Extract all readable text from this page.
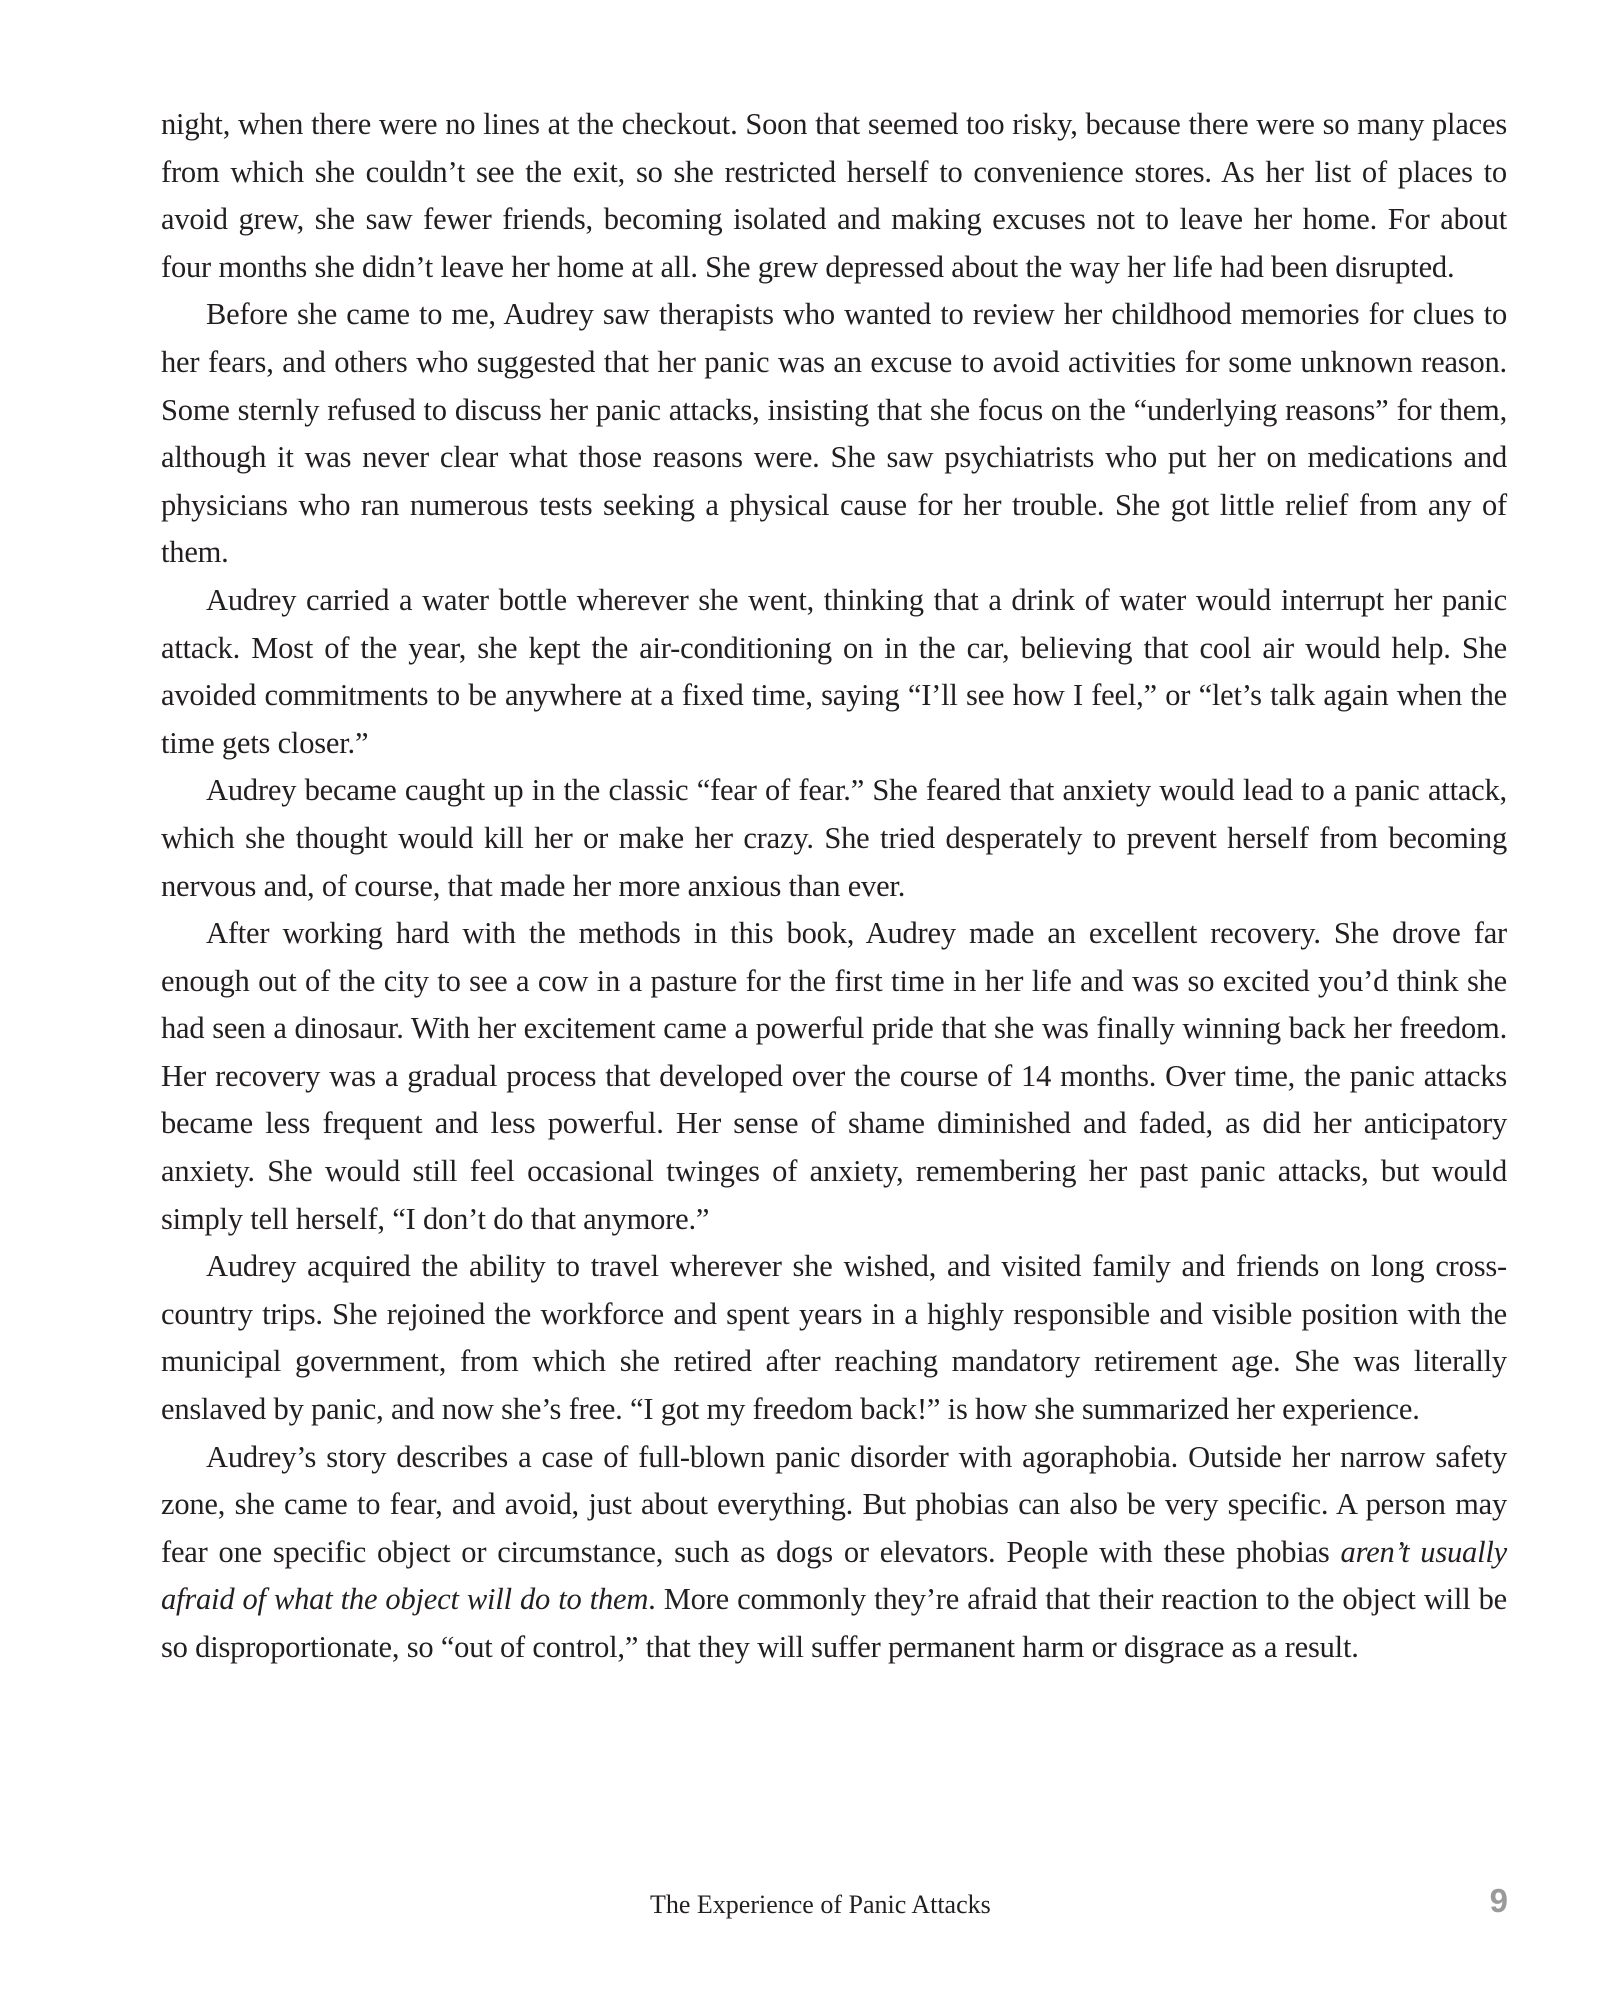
night, when there were no lines at the checkout. Soon that seemed too risky, because there were so many places from which she couldn’t see the exit, so she restricted herself to convenience stores. As her list of places to avoid grew, she saw fewer friends, becoming isolated and making excuses not to leave her home. For about four months she didn’t leave her home at all. She grew depressed about the way her life had been disrupted.

Before she came to me, Audrey saw therapists who wanted to review her childhood memories for clues to her fears, and others who suggested that her panic was an excuse to avoid activities for some unknown reason. Some sternly refused to discuss her panic attacks, insisting that she focus on the “underlying reasons” for them, although it was never clear what those reasons were. She saw psychiatrists who put her on medications and physicians who ran numerous tests seeking a physical cause for her trouble. She got little relief from any of them.

Audrey carried a water bottle wherever she went, thinking that a drink of water would interrupt her panic attack. Most of the year, she kept the air-conditioning on in the car, believing that cool air would help. She avoided commitments to be anywhere at a fixed time, saying “I’ll see how I feel,” or “let’s talk again when the time gets closer.”

Audrey became caught up in the classic “fear of fear.” She feared that anxiety would lead to a panic attack, which she thought would kill her or make her crazy. She tried desperately to prevent herself from becoming nervous and, of course, that made her more anxious than ever.

After working hard with the methods in this book, Audrey made an excellent recovery. She drove far enough out of the city to see a cow in a pasture for the first time in her life and was so excited you’d think she had seen a dinosaur. With her excitement came a powerful pride that she was finally winning back her freedom. Her recovery was a gradual process that developed over the course of 14 months. Over time, the panic attacks became less frequent and less powerful. Her sense of shame diminished and faded, as did her anticipatory anxiety. She would still feel occasional twinges of anxiety, remembering her past panic attacks, but would simply tell herself, “I don’t do that anymore.”

Audrey acquired the ability to travel wherever she wished, and visited family and friends on long cross-country trips. She rejoined the workforce and spent years in a highly responsible and visible position with the municipal government, from which she retired after reaching mandatory retirement age. She was literally enslaved by panic, and now she’s free. “I got my freedom back!” is how she summarized her experience.

Audrey’s story describes a case of full-blown panic disorder with agoraphobia. Outside her narrow safety zone, she came to fear, and avoid, just about everything. But phobias can also be very specific. A person may fear one specific object or circumstance, such as dogs or elevators. People with these phobias aren’t usually afraid of what the object will do to them. More commonly they’re afraid that their reaction to the object will be so disproportionate, so “out of control,” that they will suffer permanent harm or disgrace as a result.

The Experience of Panic Attacks	9
